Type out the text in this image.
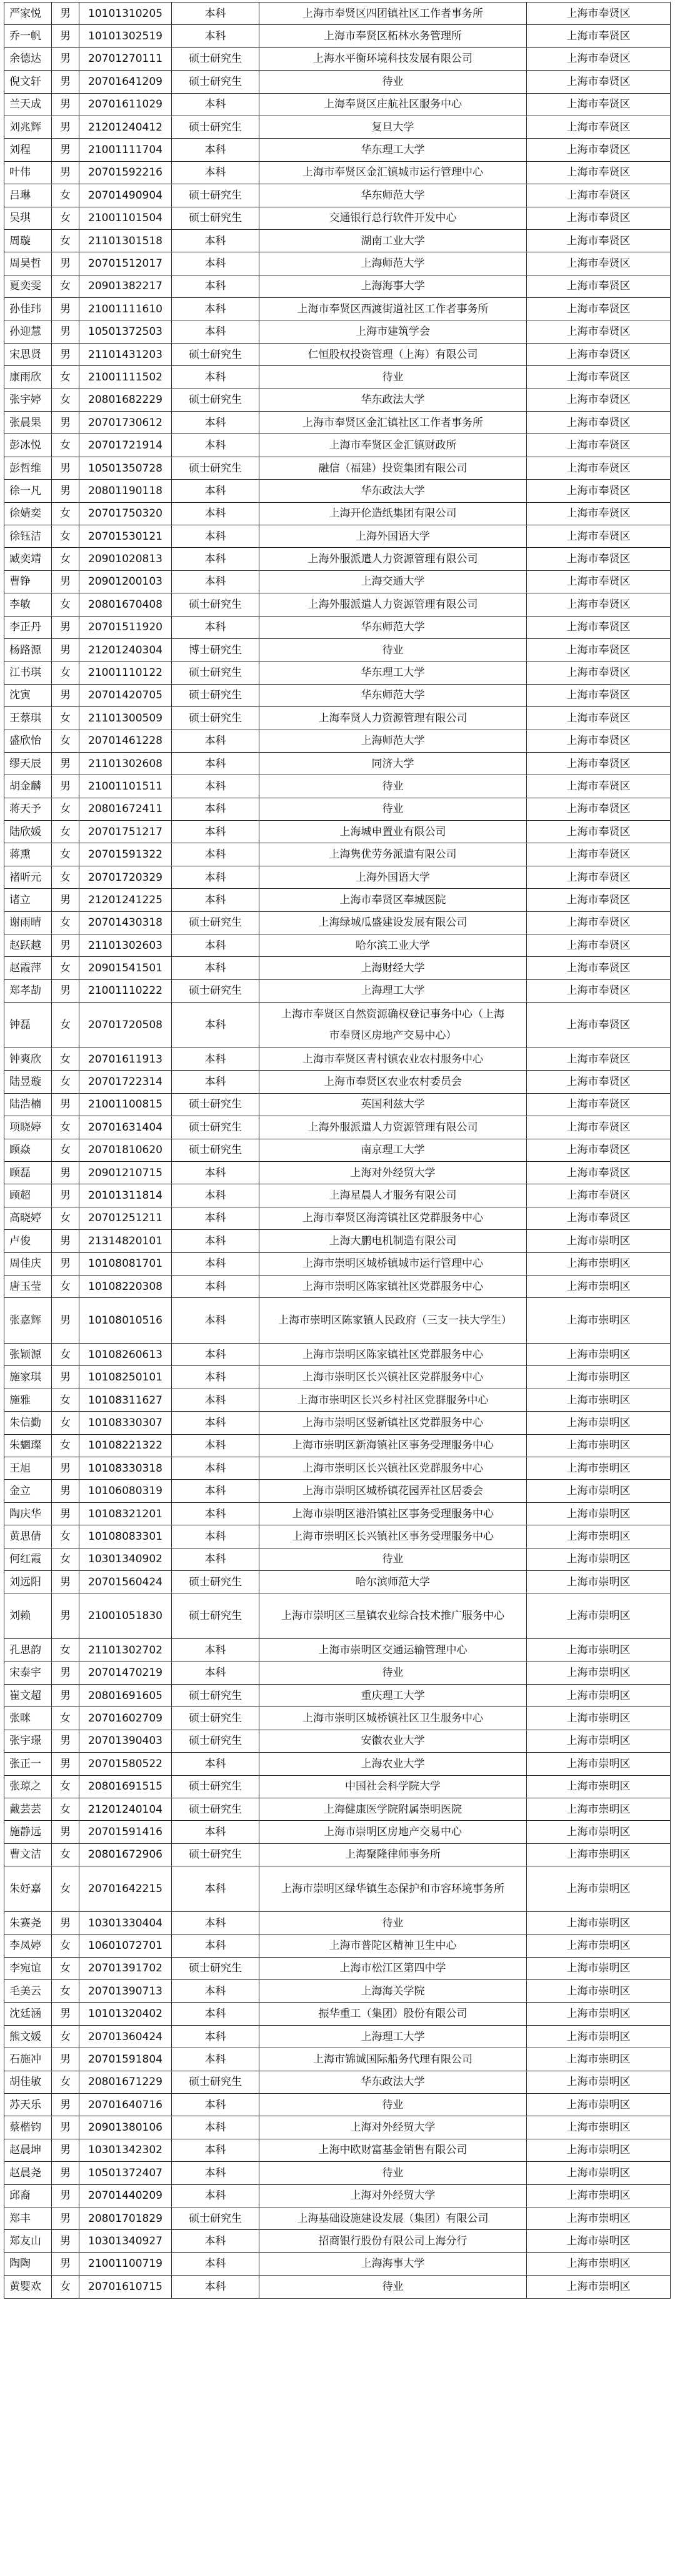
严家悦	男	10101310205	本科	上海市奉贤区四团镇社区工作者事务所	上海市奉贤区
乔一帆	男	10101302519	本科	上海市奉贤区柘林水务管理所	上海市奉贤区
余德达	男	20701270111	硕士研究生	上海水平衡环境科技发展有限公司	上海市奉贤区
倪文轩	男	20701641209	硕士研究生	待业	上海市奉贤区
兰天成	男	20701611029	本科	上海奉贤区庄航社区服务中心	上海市奉贤区
刘兆辉	男	21201240412	硕士研究生	复旦大学	上海市奉贤区
刘程	男	21001111704	本科	华东理工大学	上海市奉贤区
叶伟	男	20701592216	本科	上海市奉贤区金汇镇城市运行管理中心	上海市奉贤区
吕琳	女	20701490904	硕士研究生	华东师范大学	上海市奉贤区
吴琪	女	21001101504	硕士研究生	交通银行总行软件开发中心	上海市奉贤区
周璇	女	21101301518	本科	湖南工业大学	上海市奉贤区
周昊哲	男	20701512017	本科	上海师范大学	上海市奉贤区
夏奕雯	女	20901382217	本科	上海海事大学	上海市奉贤区
孙佳玮	男	21001111610	本科	上海市奉贤区西渡街道社区工作者事务所	上海市奉贤区
孙迎慧	男	10501372503	本科	上海市建筑学会	上海市奉贤区
宋思贤	男	21101431203	硕士研究生	仁恒股权投资管理（上海）有限公司	上海市奉贤区
康雨欣	女	21001111502	本科	待业	上海市奉贤区
张宇婷	女	20801682229	硕士研究生	华东政法大学	上海市奉贤区
张晨果	男	20701730612	本科	上海市奉贤区金汇镇社区工作者事务所	上海市奉贤区
彭冰悦	女	20701721914	本科	上海市奉贤区金汇镇财政所	上海市奉贤区
彭哲维	男	10501350728	硕士研究生	融信（福建）投资集团有限公司	上海市奉贤区
徐一凡	男	20801190118	本科	华东政法大学	上海市奉贤区
徐婧奕	女	20701750320	本科	上海开伦造纸集团有限公司	上海市奉贤区
徐钰洁	女	20701530121	本科	上海外国语大学	上海市奉贤区
臧奕靖	女	20901020813	本科	上海外服派遣人力资源管理有限公司	上海市奉贤区
曹铮	男	20901200103	本科	上海交通大学	上海市奉贤区
李敏	女	20801670408	硕士研究生	上海外服派遣人力资源管理有限公司	上海市奉贤区
李正丹	男	20701511920	本科	华东师范大学	上海市奉贤区
杨路源	男	21201240304	博士研究生	待业	上海市奉贤区
江书琪	女	21001110122	硕士研究生	华东理工大学	上海市奉贤区
沈寅	男	20701420705	硕士研究生	华东师范大学	上海市奉贤区
王蔡琪	女	21101300509	硕士研究生	上海奉贤人力资源管理有限公司	上海市奉贤区
盛欣怡	女	20701461228	本科	上海师范大学	上海市奉贤区
缪天辰	男	21101302608	本科	同济大学	上海市奉贤区
胡金麟	男	21001101511	本科	待业	上海市奉贤区
蒋天予	女	20801672411	本科	待业	上海市奉贤区
陆欣媛	女	20701751217	本科	上海城申置业有限公司	上海市奉贤区
蒋熏	女	20701591322	本科	上海隽优劳务派遣有限公司	上海市奉贤区
褚昕元	女	20701720329	本科	上海外国语大学	上海市奉贤区
诸立	男	21201241225	本科	上海市奉贤区奉城医院	上海市奉贤区
谢雨晴	女	20701430318	硕士研究生	上海绿城瓜盛建设发展有限公司	上海市奉贤区
赵跃越	男	21101302603	本科	哈尔滨工业大学	上海市奉贤区
赵霞萍	女	20901541501	本科	上海财经大学	上海市奉贤区
郑孝劼	男	21001110222	硕士研究生	上海理工大学	上海市奉贤区
钟磊	女	20701720508	本科	上海市奉贤区自然资源确权登记事务中心（上海市奉贤区房地产交易中心）	上海市奉贤区
钟爽欣	女	20701611913	本科	上海市奉贤区青村镇农业农村服务中心	上海市奉贤区
陆昱璇	女	20701722314	本科	上海市奉贤区农业农村委员会	上海市奉贤区
陆浩楠	男	21001100815	硕士研究生	英国利兹大学	上海市奉贤区
项晓婷	女	20701631404	硕士研究生	上海外服派遣人力资源管理有限公司	上海市奉贤区
顾焱	女	20701810620	硕士研究生	南京理工大学	上海市奉贤区
顾磊	男	20901210715	本科	上海对外经贸大学	上海市奉贤区
顾超	男	20101311814	本科	上海星晨人才服务有限公司	上海市奉贤区
高晓婷	女	20701251211	本科	上海市奉贤区海湾镇社区党群服务中心	上海市奉贤区
卢俊	男	21314820101	本科	上海大鹏电机制造有限公司	上海市崇明区
周佳庆	男	10108081701	本科	上海市崇明区城桥镇城市运行管理中心	上海市崇明区
唐玉莹	女	10108220308	本科	上海市崇明区陈家镇社区党群服务中心	上海市崇明区
张嘉辉	男	10108010516	本科	上海市崇明区陈家镇人民政府（三支一扶大学生）	上海市崇明区
张颖源	女	10108260613	本科	上海市崇明区陈家镇社区党群服务中心	上海市崇明区
施家琪	男	10108250101	本科	上海市崇明区长兴镇社区党群服务中心	上海市崇明区
施雅	女	10108311627	本科	上海市崇明区长兴乡村社区党群服务中心	上海市崇明区
朱信勤	女	10108330307	本科	上海市崇明区竖新镇社区党群服务中心	上海市崇明区
朱魍璨	女	10108221322	本科	上海市崇明区新海镇社区事务受理服务中心	上海市崇明区
王旭	男	10108330318	本科	上海市崇明区长兴镇社区党群服务中心	上海市崇明区
金立	男	10106080319	本科	上海市崇明区城桥镇花园弄社区居委会	上海市崇明区
陶庆华	男	10108321201	本科	上海市崇明区港沿镇社区事务受理服务中心	上海市崇明区
黄思倩	女	10108083301	本科	上海市崇明区长兴镇社区事务受理服务中心	上海市崇明区
何红霞	女	10301340902	本科	待业	上海市崇明区
刘远阳	男	20701560424	硕士研究生	哈尔滨师范大学	上海市崇明区
刘赖	男	21001051830	硕士研究生	上海市崇明区三星镇农业综合技术推广服务中心	上海市崇明区
孔思韵	女	21101302702	本科	上海市崇明区交通运输管理中心	上海市崇明区
宋泰宇	男	20701470219	本科	待业	上海市崇明区
崔文超	男	20801691605	硕士研究生	重庆理工大学	上海市崇明区
张咪	女	20701602709	硕士研究生	上海市崇明区城桥镇社区卫生服务中心	上海市崇明区
张宇璟	男	20701390403	硕士研究生	安徽农业大学	上海市崇明区
张正一	男	20701580522	本科	上海农业大学	上海市崇明区
张琼之	女	20801691515	硕士研究生	中国社会科学院大学	上海市崇明区
戴芸芸	女	21201240104	硕士研究生	上海健康医学院附属崇明医院	上海市崇明区
施静远	男	20701591416	本科	上海市崇明区房地产交易中心	上海市崇明区
曹文洁	女	20801672906	硕士研究生	上海聚隆律师事务所	上海市崇明区
朱妤嘉	女	20701642215	本科	上海市崇明区绿华镇生态保护和市容环境事务所	上海市崇明区
朱赛尧	男	10301330404	本科	待业	上海市崇明区
李凤婷	女	10601072701	本科	上海市普陀区精神卫生中心	上海市崇明区
李宛谊	女	20701391702	硕士研究生	上海市松江区第四中学	上海市崇明区
毛美云	女	20701390713	本科	上海海关学院	上海市崇明区
沈廷涵	男	10101320402	本科	振华重工（集团）股份有限公司	上海市崇明区
熊文媛	女	20701360424	本科	上海理工大学	上海市崇明区
石施冲	男	20701591804	本科	上海市锦诚国际船务代理有限公司	上海市崇明区
胡佳敏	女	20801671229	硕士研究生	华东政法大学	上海市崇明区
苏天乐	男	20701640716	本科	待业	上海市崇明区
蔡楷钧	男	20901380106	本科	上海对外经贸大学	上海市崇明区
赵晨坤	男	10301342302	本科	上海中欧财富基金销售有限公司	上海市崇明区
赵晨尧	男	10501372407	本科	待业	上海市崇明区
邱裔	男	20701440209	本科	上海对外经贸大学	上海市崇明区
郑丰	男	20801701829	硕士研究生	上海基础设施建设发展（集团）有限公司	上海市崇明区
郑友山	男	10301340927	本科	招商银行股份有限公司上海分行	上海市崇明区
陶陶	男	21001100719	本科	上海海事大学	上海市崇明区
黄婴欢	女	20701610715	本科	待业	上海市崇明区
